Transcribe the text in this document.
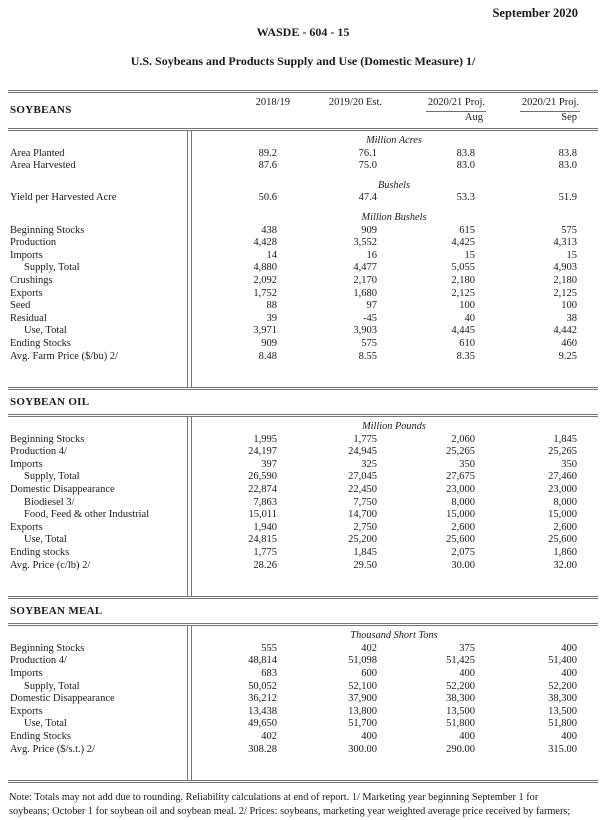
September 2020
WASDE - 604 - 15
U.S. Soybeans and Products Supply and Use (Domestic Measure) 1/
SOYBEANS
2018/19	2019/20 Est.	2020/21 Proj.	2020/21 Proj.
Aug	Sep
Million Acres
Area Planted	89.2	76.1	83.8	83.8
Area Harvested	87.6	75.0	83.0	83.0
Bushels
Yield per Harvested Acre	50.6	47.4	53.3	51.9
Million Bushels
Beginning Stocks	438	909	615	575
Production	4,428	3,552	4,425	4,313
Imports	14	16	15	15
Supply, Total	4,880	4,477	5,055	4,903
Crushings	2,092	2,170	2,180	2,180
Exports	1,752	1,680	2,125	2,125
Seed	88	97	100	100
Residual	39	-45	40	38
Use, Total	3,971	3,903	4,445	4,442
Ending Stocks	909	575	610	460
Avg. Farm Price ($/bu) 2/	8.48	8.55	8.35	9.25
SOYBEAN OIL
Million Pounds
Beginning Stocks	1,995	1,775	2,060	1,845
Production 4/	24,197	24,945	25,265	25,265
Imports	397	325	350	350
Supply, Total	26,590	27,045	27,675	27,460
Domestic Disappearance	22,874	22,450	23,000	23,000
Biodiesel 3/	7,863	7,750	8,000	8,000
Food, Feed & other Industrial	15,011	14,700	15,000	15,000
Exports	1,940	2,750	2,600	2,600
Use, Total	24,815	25,200	25,600	25,600
Ending stocks	1,775	1,845	2,075	1,860
Avg. Price (c/lb) 2/	28.26	29.50	30.00	32.00
SOYBEAN MEAL
Thousand Short Tons
Beginning Stocks	555	402	375	400
Production 4/	48,814	51,098	51,425	51,400
Imports	683	600	400	400
Supply, Total	50,052	52,100	52,200	52,200
Domestic Disappearance	36,212	37,900	38,300	38,300
Exports	13,438	13,800	13,500	13,500
Use, Total	49,650	51,700	51,800	51,800
Ending Stocks	402	400	400	400
Avg. Price ($/s.t.) 2/	308.28	300.00	290.00	315.00
Note: Totals may not add due to rounding. Reliability calculations at end of report. 1/ Marketing year beginning September 1 for
soybeans; October 1 for soybean oil and soybean meal. 2/ Prices: soybeans, marketing year weighted average price received by farmers;
